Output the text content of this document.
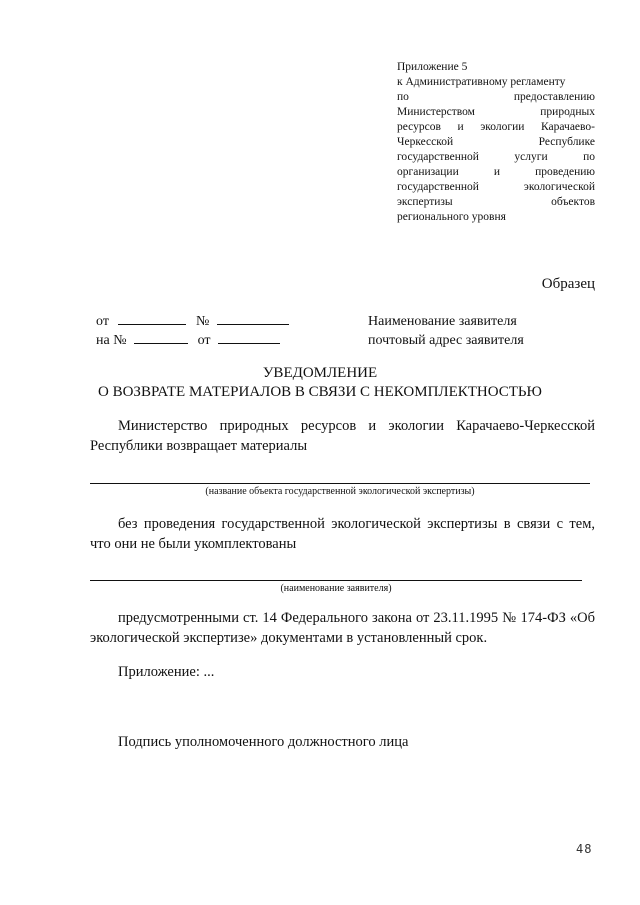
Приложение 5
к Административному регламенту
по	предоставлению
Министерством	природных
ресурсов и экологии Карачаево-
Черкесской	Республике
государственной	услуги	по
организации	и	проведению
государственной	экологической
экспертизы	объектов
регионального уровня
Образец
от	№
на №	от
Наименование заявителя
почтовый адрес заявителя
УВЕДОМЛЕНИЕ
О ВОЗВРАТЕ МАТЕРИАЛОВ В СВЯЗИ С НЕКОМПЛЕКТНОСТЬЮ
Министерство природных ресурсов и экологии Карачаево-Черкесской Республики возвращает материалы
(название объекта государственной экологической экспертизы)
без проведения государственной экологической экспертизы в связи с тем, что они не были укомплектованы
(наименование заявителя)
предусмотренными ст. 14 Федерального закона от 23.11.1995 № 174-ФЗ «Об экологической экспертизе» документами в установленный срок.
Приложение: ...
Подпись уполномоченного должностного лица
48
